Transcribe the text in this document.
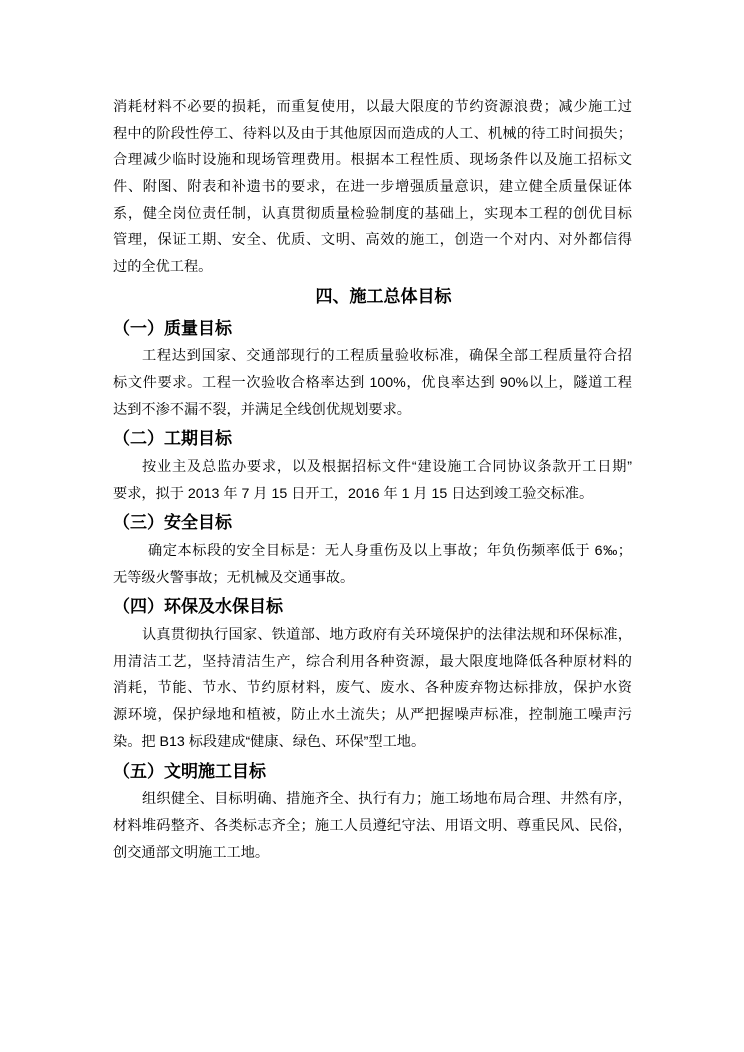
消耗材料不必要的损耗，而重复使用，以最大限度的节约资源浪费；减少施工过
程中的阶段性停工、待料以及由于其他原因而造成的人工、机械的待工时间损失；
合理减少临时设施和现场管理费用。根据本工程性质、现场条件以及施工招标文
件、附图、附表和补遗书的要求，在进一步增强质量意识，建立健全质量保证体
系，健全岗位责任制，认真贯彻质量检验制度的基础上，实现本工程的创优目标
管理，保证工期、安全、优质、文明、高效的施工，创造一个对内、对外都信得
过的全优工程。
四、施工总体目标
（一）质量目标
工程达到国家、交通部现行的工程质量验收标准，确保全部工程质量符合招
标文件要求。工程一次验收合格率达到 100%，优良率达到 90%以上，隧道工程
达到不渗不漏不裂，并满足全线创优规划要求。
（二）工期目标
按业主及总监办要求，以及根据招标文件“建设施工合同协议条款开工日期”
要求，拟于 2013 年 7 月 15 日开工，2016 年 1 月 15 日达到竣工验交标准。
（三）安全目标
确定本标段的安全目标是：无人身重伤及以上事故；年负伤频率低于 6‰；
无等级火警事故；无机械及交通事故。
（四）环保及水保目标
认真贯彻执行国家、铁道部、地方政府有关环境保护的法律法规和环保标准，
用清洁工艺，坚持清洁生产，综合利用各种资源，最大限度地降低各种原材料的
消耗，节能、节水、节约原材料，废气、废水、各种废弃物达标排放，保护水资
源环境，保护绿地和植被，防止水土流失；从严把握噪声标准，控制施工噪声污
染。把 B13 标段建成“健康、绿色、环保”型工地。
（五）文明施工目标
组织健全、目标明确、措施齐全、执行有力；施工场地布局合理、井然有序，
材料堆码整齐、各类标志齐全；施工人员遵纪守法、用语文明、尊重民风、民俗，
创交通部文明施工工地。
